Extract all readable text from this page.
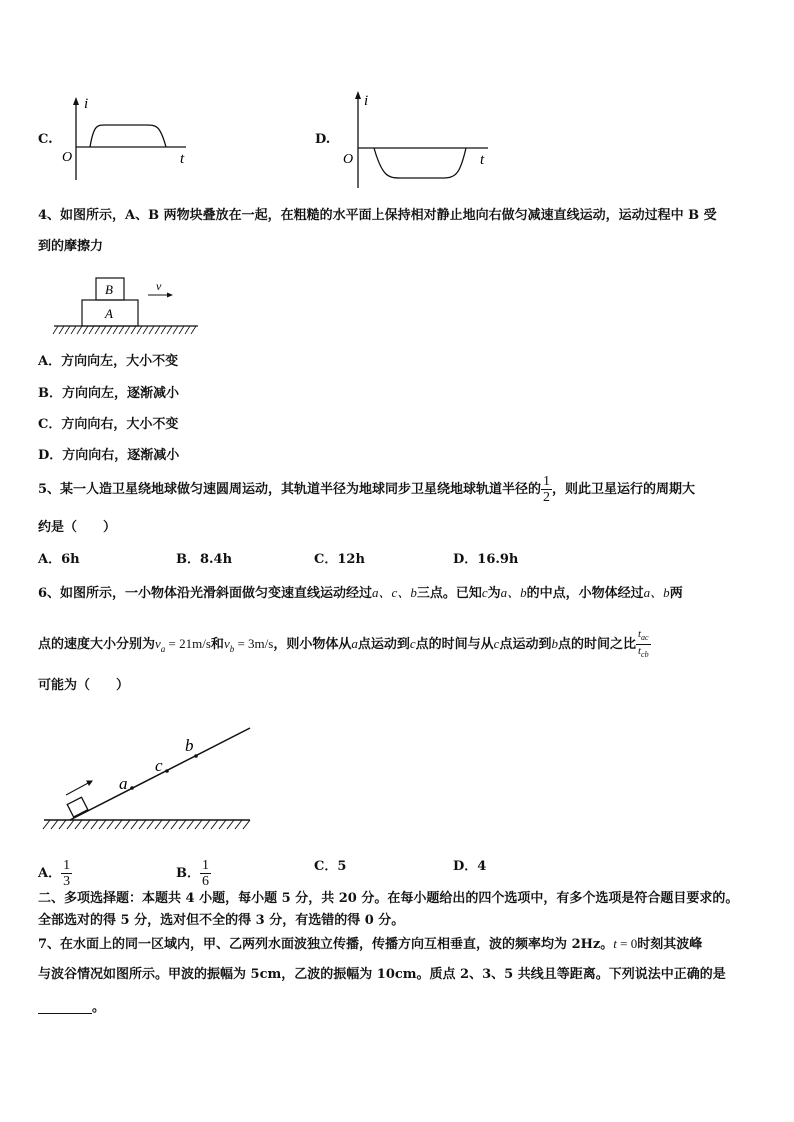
C.
i
O	t
D.
i
O	t
4、如图所示，A、B 两物块叠放在一起，在粗糙的水平面上保持相对静止地向右做匀减速直线运动，运动过程中 B 受
到的摩擦力
A
B	v
A．方向向左，大小不变
B．方向向左，逐渐减小
C．方向向右，大小不变
D．方向向右，逐渐减小
5、某一人造卫星绕地球做匀速圆周运动，其轨道半径为地球同步卫星绕地球轨道半径的 $\frac{1}{2}$ ，则此卫星运行的周期大
约是（　　）
A．6h	B．8.4h	C．12h	D．16.9h
6、如图所示，一小物体沿光滑斜面做匀变速直线运动经过a、c、b三点。已知c为a、b的中点，小物体经过a、b两
点的速度大小分别为$v_a = 21m/s$和$v_b = 3m/s$，则小物体从a点运动到c点的时间与从c点运动到b点的时间之比 $\frac{t_{ac}}{t_{cb}}$
可能为（　　）
a
c
b
A． $\frac{1}{3}$	B． $\frac{1}{6}$	C．5	D．4
二、多项选择题：本题共 4 小题，每小题 5 分，共 20 分。在每小题给出的四个选项中，有多个选项是符合题目要求的。
全部选对的得 5 分，选对但不全的得 3 分，有选错的得 0 分。
7、在水面上的同一区域内，甲、乙两列水面波独立传播，传播方向互相垂直，波的频率均为 2Hz。t = 0时刻其波峰
与波谷情况如图所示。甲波的振幅为 5cm，乙波的振幅为 10cm。质点 2、3、5 共线且等距离。下列说法中正确的是
。
